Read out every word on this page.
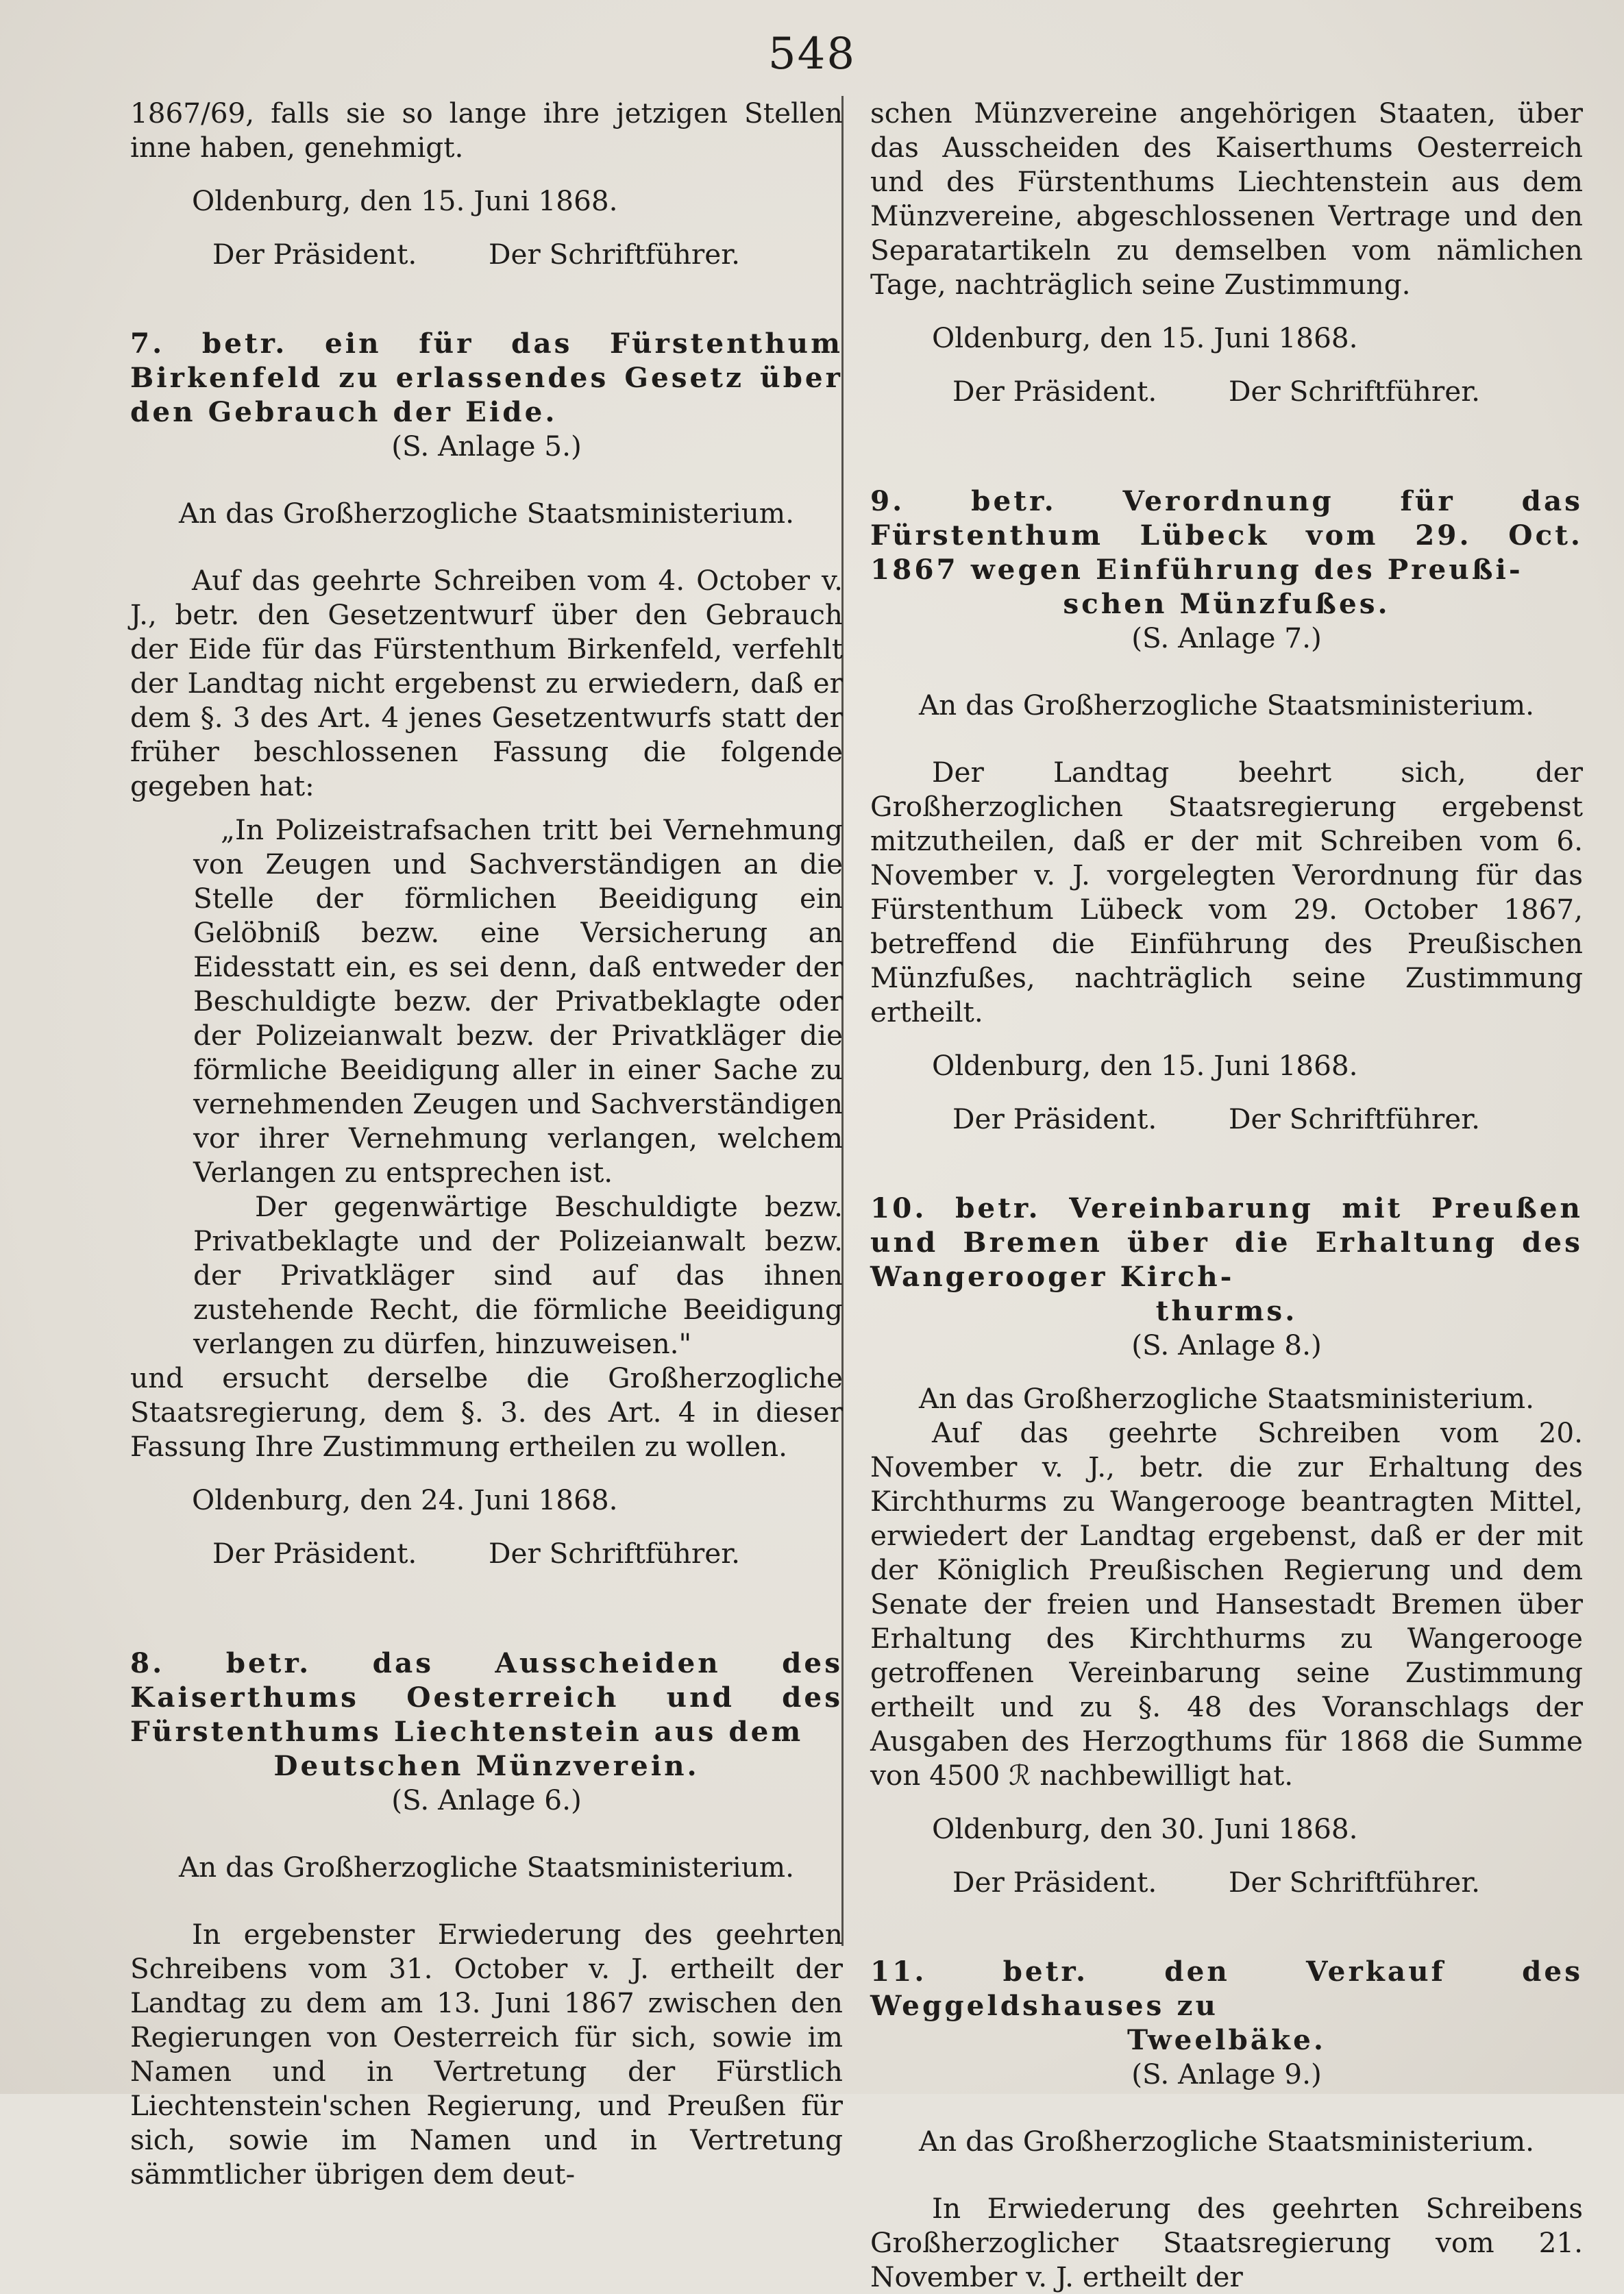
548

1867/69, falls sie so lange ihre jetzigen Stellen inne haben, genehmigt.

Oldenburg, den 15. Juni 1868.

Der Präsident.	Der Schriftführer.

7. betr. ein für das Fürstenthum Birkenfeld zu erlassendes Gesetz über den Gebrauch der Eide.

(S. Anlage 5.)

An das Großherzogliche Staatsministerium.

Auf das geehrte Schreiben vom 4. October v. J., betr. den Gesetzentwurf über den Gebrauch der Eide für das Fürstenthum Birkenfeld, verfehlt der Landtag nicht ergebenst zu erwiedern, daß er dem §. 3 des Art. 4 jenes Gesetzentwurfs statt der früher beschlossenen Fassung die folgende gegeben hat:

„In Polizeistrafsachen tritt bei Vernehmung von Zeugen und Sachverständigen an die Stelle der förmlichen Beeidigung ein Gelöbniß bezw. eine Versicherung an Eidesstatt ein, es sei denn, daß entweder der Beschuldigte bezw. der Privatbeklagte oder der Polizeianwalt bezw. der Privatkläger die förmliche Beeidigung aller in einer Sache zu vernehmenden Zeugen und Sachverständigen vor ihrer Vernehmung verlangen, welchem Verlangen zu entsprechen ist.

Der gegenwärtige Beschuldigte bezw. Privatbeklagte und der Polizeianwalt bezw. der Privatkläger sind auf das ihnen zustehende Recht, die förmliche Beeidigung verlangen zu dürfen, hinzuweisen."

und ersucht derselbe die Großherzogliche Staatsregierung, dem §. 3. des Art. 4 in dieser Fassung Ihre Zustimmung ertheilen zu wollen.

Oldenburg, den 24. Juni 1868.

Der Präsident.	Der Schriftführer.

8. betr. das Ausscheiden des Kaiserthums Oesterreich und des Fürstenthums Liechtenstein aus dem

Deutschen Münzverein.

(S. Anlage 6.)

An das Großherzogliche Staatsministerium.

In ergebenster Erwiederung des geehrten Schreibens vom 31. October v. J. ertheilt der Landtag zu dem am 13. Juni 1867 zwischen den Regierungen von Oesterreich für sich, sowie im Namen und in Vertretung der Fürstlich Liechtenstein'schen Regierung, und Preußen für sich, sowie im Namen und in Vertretung sämmtlicher übrigen dem deut-

schen Münzvereine angehörigen Staaten, über das Ausscheiden des Kaiserthums Oesterreich und des Fürstenthums Liechtenstein aus dem Münzvereine, abgeschlossenen Vertrage und den Separatartikeln zu demselben vom nämlichen Tage, nachträglich seine Zustimmung.

Oldenburg, den 15. Juni 1868.

Der Präsident.	Der Schriftführer.

9. betr. Verordnung für das Fürstenthum Lübeck vom 29. Oct. 1867 wegen Einführung des Preußi-

schen Münzfußes.

(S. Anlage 7.)

An das Großherzogliche Staatsministerium.

Der Landtag beehrt sich, der Großherzoglichen Staatsregierung ergebenst mitzutheilen, daß er der mit Schreiben vom 6. November v. J. vorgelegten Verordnung für das Fürstenthum Lübeck vom 29. October 1867, betreffend die Einführung des Preußischen Münzfußes, nachträglich seine Zustimmung ertheilt.

Oldenburg, den 15. Juni 1868.

Der Präsident.	Der Schriftführer.

10. betr. Vereinbarung mit Preußen und Bremen über die Erhaltung des Wangerooger Kirch-

thurms.

(S. Anlage 8.)

An das Großherzogliche Staatsministerium.

Auf das geehrte Schreiben vom 20. November v. J., betr. die zur Erhaltung des Kirchthurms zu Wangerooge beantragten Mittel, erwiedert der Landtag ergebenst, daß er der mit der Königlich Preußischen Regierung und dem Senate der freien und Hansestadt Bremen über Erhaltung des Kirchthurms zu Wangerooge getroffenen Vereinbarung seine Zustimmung ertheilt und zu §. 48 des Voranschlags der Ausgaben des Herzogthums für 1868 die Summe von 4500 ℛ nachbewilligt hat.

Oldenburg, den 30. Juni 1868.

Der Präsident.	Der Schriftführer.

11. betr. den Verkauf des Weggeldshauses zu

Tweelbäke.

(S. Anlage 9.)

An das Großherzogliche Staatsministerium.

In Erwiederung des geehrten Schreibens Großherzoglicher Staatsregierung vom 21. November v. J. ertheilt der
